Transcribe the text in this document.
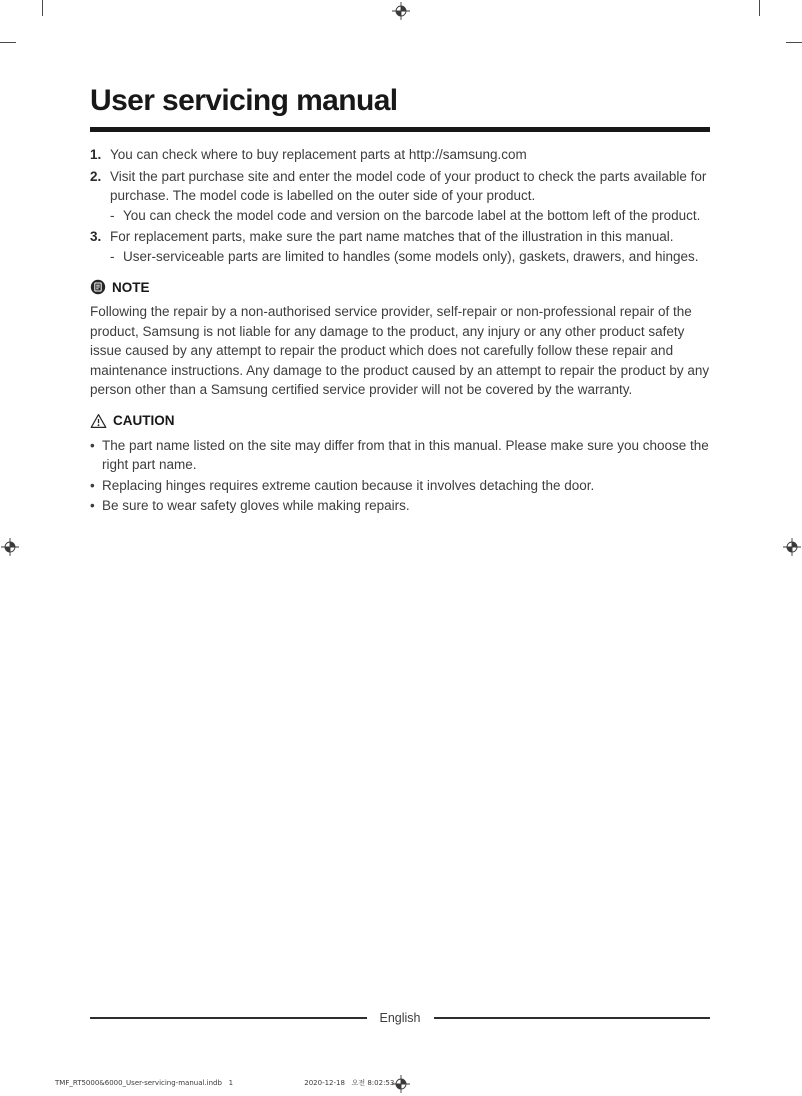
User servicing manual
1. You can check where to buy replacement parts at http://samsung.com
2. Visit the part purchase site and enter the model code of your product to check the parts available for purchase. The model code is labelled on the outer side of your product.
- You can check the model code and version on the barcode label at the bottom left of the product.
3. For replacement parts, make sure the part name matches that of the illustration in this manual.
- User-serviceable parts are limited to handles (some models only), gaskets, drawers, and hinges.
NOTE

Following the repair by a non-authorised service provider, self-repair or non-professional repair of the product, Samsung is not liable for any damage to the product, any injury or any other product safety issue caused by any attempt to repair the product which does not carefully follow these repair and maintenance instructions. Any damage to the product caused by an attempt to repair the product by any person other than a Samsung certified service provider will not be covered by the warranty.

CAUTION
• The part name listed on the site may differ from that in this manual. Please make sure you choose the right part name.
• Replacing hinges requires extreme caution because it involves detaching the door.
• Be sure to wear safety gloves while making repairs.
English
TMF_RT5000&6000_User-servicing-manual.indb   1                                2020-12-18   오전 8:02:53
